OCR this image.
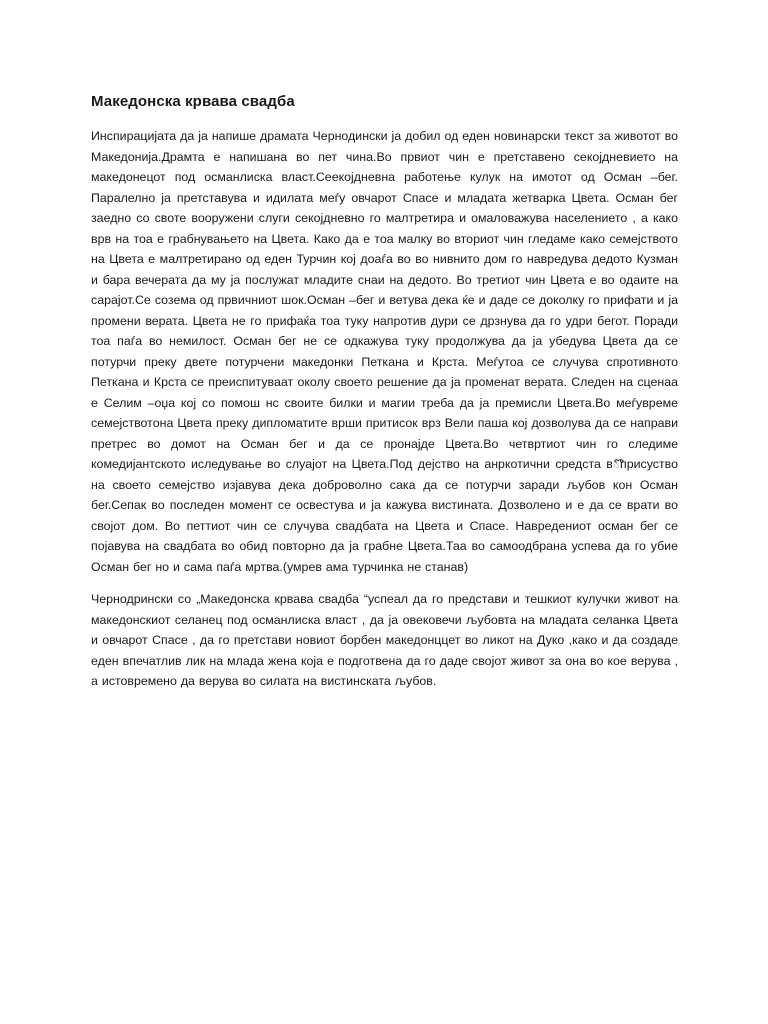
Македонска крвава свадба

Инспирацијата да ја напише драмата Чернодински ја добил од еден новинарски текст за животот во Македонија.Драмта е напишана во пет чина.Во првиот чин е претставено секојдневието на македонецот под османлиска власт.Сеекојдневна работење кулук на имотот од Осман –бег. Паралелно ја претставува и идилата меѓу овчарот Спасе и младата жетварка Цвета. Осман бег заедно со своте вооружени слуги секојдневно го малтретира и омаловажува населението , а како врв на тоа е грабнувањето на Цвета. Како да е тоа малку во вториот чин гледаме како семејството на Цвета е малтретирано од еден Турчин кој доаѓа во во нивнито дом го навредува дедото Кузман и бара вечерата да му ја послужат младите снаи на дедото. Во третиот чин Цвета е во одаите на сарајот.Се созема од првичниот шок.Осман –бег и ветува дека ќе и даде се доколку го прифати и ја промени верата. Цвета не го прифаќа тоа туку напротив дури се дрзнува да го удри бегот. Поради тоа паѓа во немилост. Осман бег не се одкажува туку продолжува да ја убедува Цвета да се потурчи преку двете потурчени македонки Петкана и Крста. Меѓутоа се случува спротивното Петкана и Крста се преиспитуваат околу своето решение да ја променат верата. Следен на сценаа е Селим –оџа кој со помош нс своите билки и магии треба да ја премисли Цвета.Во меѓувреме семејствотона Цвета преку дипломатите врши притисок врз Вели паша кој дозволува да се направи претрес во домот на Осман бег и да се пронајде Цвета.Во четвртиот чин го следиме комедијантското иследување во слуајот на Цвета.Под дејство на анркотични средста вొприсуство на своето семејство изјавува дека доброволно сака да се потурчи заради љубов кон Осман бег.Сепак во последен момент се освестува и ја кажува вистината. Дозволено и е да се врати во својот дом. Во петтиот чин се случува свадбата на Цвета и Спасе. Навредениот осман бег се појавува на свадбата во обид повторно да ја грабне Цвета.Таа во самоодбрана успева да го убие Осман бег но и сама паѓа мртва.(умрев ама турчинка не станав)

Чернодрински со „Македонска крвава свадба “успеал да го предстaви и тешкиот кулучки живот на македонскиот селанец под османлиска власт , да ја овековечи љубовта на младата селанка Цвета и овчарот Спасе , да го претстави новиот борбен македонццет во ликот на Дуко ,како и да создаде еден впечатлив лик на млада жена која е подготвена да го даде својот живот за она во кое верува , а истовремено да верува во силата на вистинската љубов.
